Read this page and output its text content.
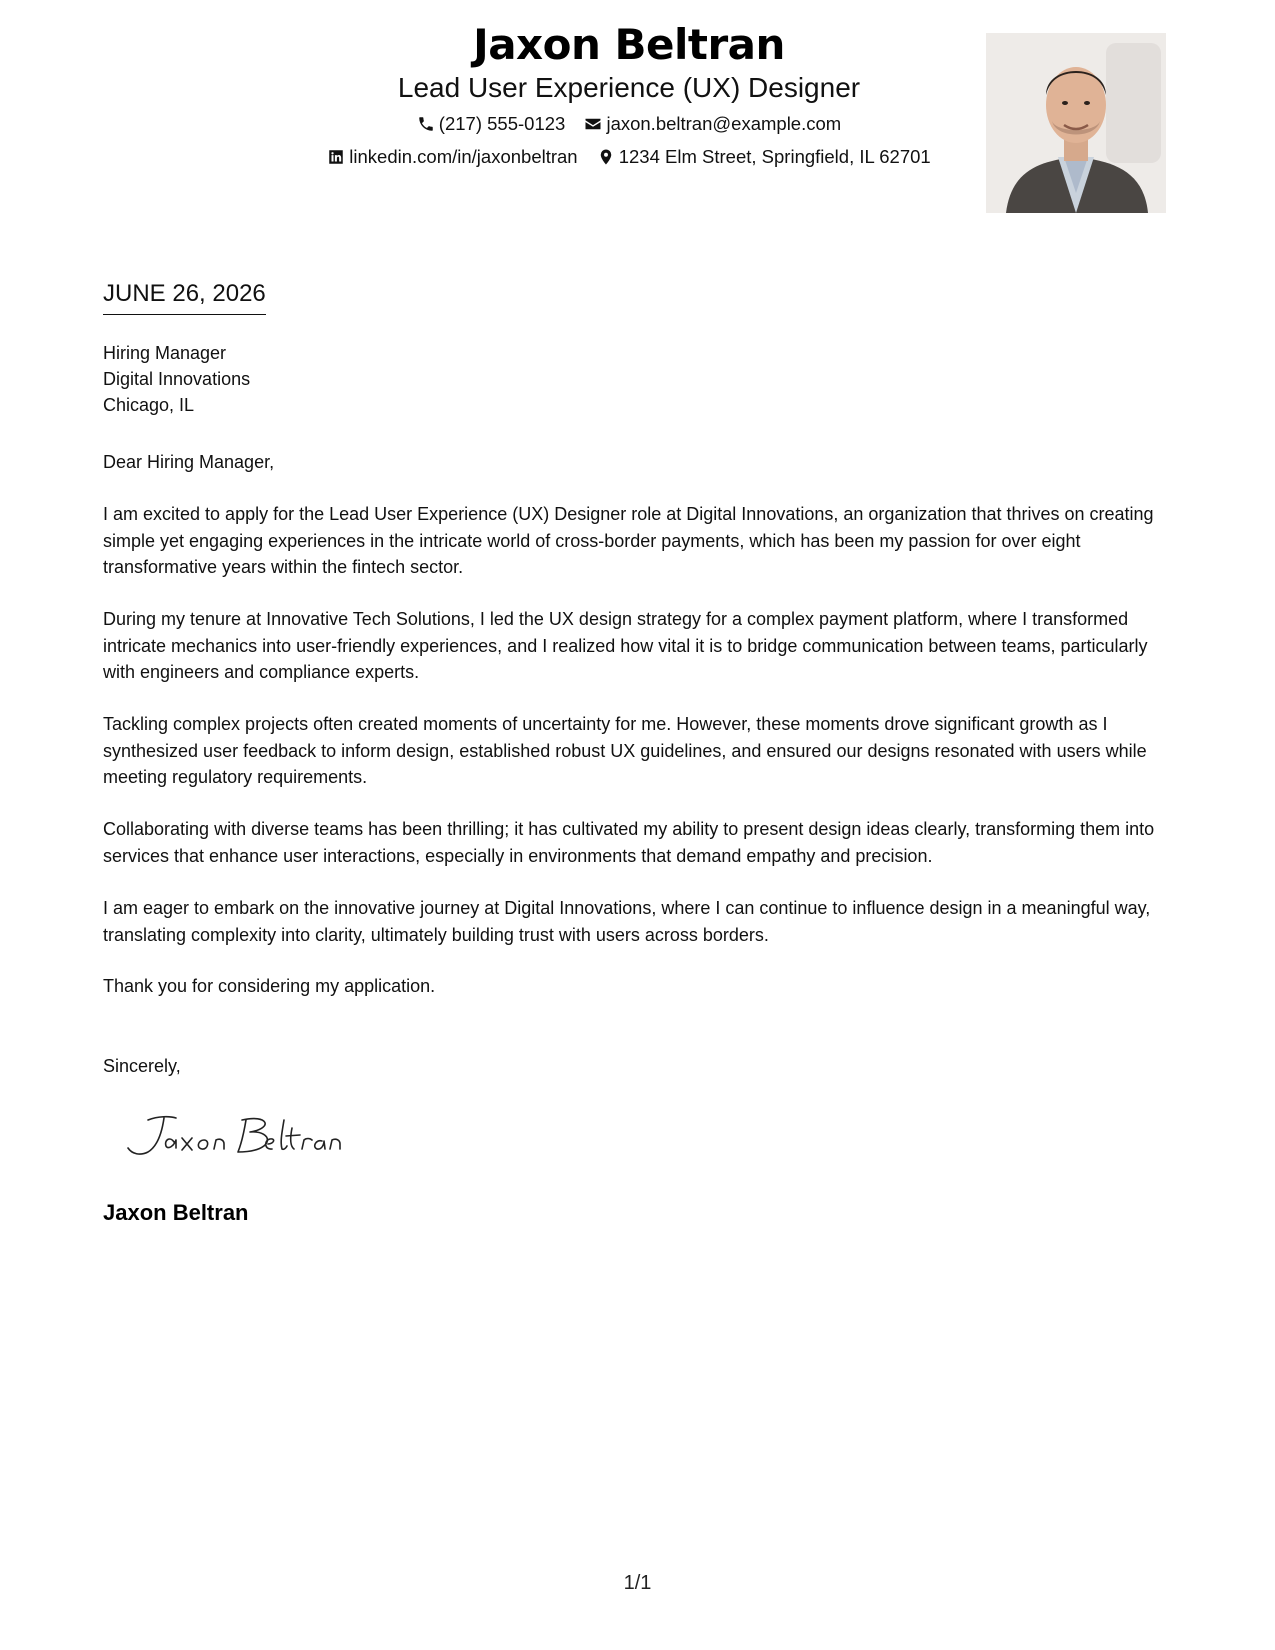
Jaxon Beltran
Lead User Experience (UX) Designer
(217) 555-0123
jaxon.beltran@example.com
linkedin.com/in/jaxonbeltran
1234 Elm Street, Springfield, IL 62701
JUNE 26, 2026
Hiring Manager
Digital Innovations
Chicago, IL
Dear Hiring Manager,
I am excited to apply for the Lead User Experience (UX) Designer role at Digital Innovations, an organization that thrives on creating simple yet engaging experiences in the intricate world of cross-border payments, which has been my passion for over eight transformative years within the fintech sector.
During my tenure at Innovative Tech Solutions, I led the UX design strategy for a complex payment platform, where I transformed intricate mechanics into user-friendly experiences, and I realized how vital it is to bridge communication between teams, particularly with engineers and compliance experts.
Tackling complex projects often created moments of uncertainty for me. However, these moments drove significant growth as I synthesized user feedback to inform design, established robust UX guidelines, and ensured our designs resonated with users while meeting regulatory requirements.
Collaborating with diverse teams has been thrilling; it has cultivated my ability to present design ideas clearly, transforming them into services that enhance user interactions, especially in environments that demand empathy and precision.
I am eager to embark on the innovative journey at Digital Innovations, where I can continue to influence design in a meaningful way, translating complexity into clarity, ultimately building trust with users across borders.
Thank you for considering my application.
Sincerely,
Jaxon Beltran
1/1
